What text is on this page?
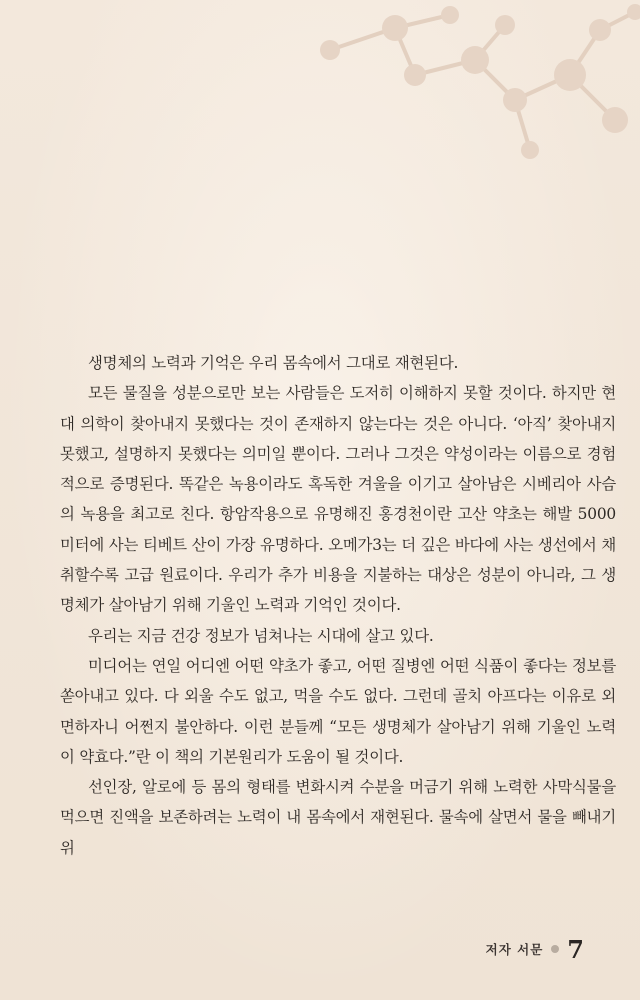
생명체의 노력과 기억은 우리 몸속에서 그대로 재현된다.

모든 물질을 성분으로만 보는 사람들은 도저히 이해하지 못할 것이다. 하지만 현대 의학이 찾아내지 못했다는 것이 존재하지 않는다는 것은 아니다. ‘아직’ 찾아내지 못했고, 설명하지 못했다는 의미일 뿐이다. 그러나 그것은 약성이라는 이름으로 경험적으로 증명된다. 똑같은 녹용이라도 혹독한 겨울을 이기고 살아남은 시베리아 사슴의 녹용을 최고로 친다. 항암작용으로 유명해진 홍경천이란 고산 약초는 해발 5000미터에 사는 티베트 산이 가장 유명하다. 오메가3는 더 깊은 바다에 사는 생선에서 채취할수록 고급 원료이다. 우리가 추가 비용을 지불하는 대상은 성분이 아니라, 그 생명체가 살아남기 위해 기울인 노력과 기억인 것이다.

우리는 지금 건강 정보가 넘쳐나는 시대에 살고 있다.

미디어는 연일 어디엔 어떤 약초가 좋고, 어떤 질병엔 어떤 식품이 좋다는 정보를 쏟아내고 있다. 다 외울 수도 없고, 먹을 수도 없다. 그런데 골치 아프다는 이유로 외면하자니 어쩐지 불안하다. 이런 분들께 “모든 생명체가 살아남기 위해 기울인 노력이 약효다.”란 이 책의 기본원리가 도움이 될 것이다.

선인장, 알로에 등 몸의 형태를 변화시켜 수분을 머금기 위해 노력한 사막식물을 먹으면 진액을 보존하려는 노력이 내 몸속에서 재현된다. 물속에 살면서 물을 빼내기 위

저자 서문 7
